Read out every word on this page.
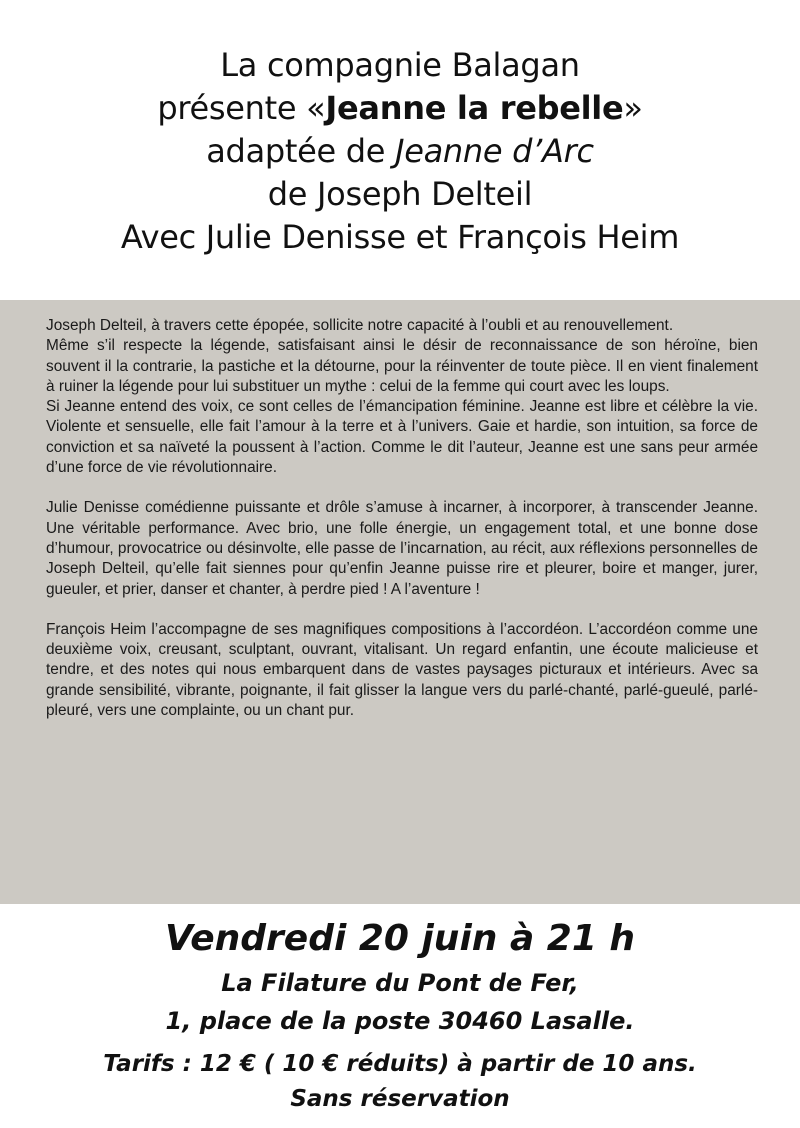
La compagnie Balagan
présente «Jeanne la rebelle»
adaptée de Jeanne d’Arc
de Joseph Delteil
Avec Julie Denisse et François Heim

Joseph Delteil, à travers cette épopée, sollicite notre capacité à l’oubli et au renouvellement.

Même s’il respecte la légende, satisfaisant ainsi le désir de reconnaissance de son héroïne, bien souvent il la contrarie, la pastiche et la détourne, pour la réinventer de toute pièce. Il en vient finalement à ruiner la légende pour lui substituer un mythe : celui de la femme qui court avec les loups.

Si Jeanne entend des voix, ce sont celles de l’émancipation féminine. Jeanne est libre et célèbre la vie. Violente et sensuelle, elle fait l’amour à la terre et à l’univers. Gaie et hardie, son intuition, sa force de conviction et sa naïveté la poussent à l’action. Comme le dit l’auteur, Jeanne est une sans peur armée d’une force de vie révolutionnaire.

Julie Denisse comédienne puissante et drôle s’amuse à incarner, à incorporer, à transcender Jeanne. Une véritable performance. Avec brio, une folle énergie, un engagement total, et une bonne dose d’humour, provocatrice ou désinvolte, elle passe de l’incarnation, au récit, aux réflexions personnelles de Joseph Delteil, qu’elle fait siennes pour qu’enfin Jeanne puisse rire et pleurer, boire et manger, jurer, gueuler, et prier, danser et chanter, à perdre pied ! A l’aventure !

François Heim l’accompagne de ses magnifiques compositions à l’accordéon. L’accordéon comme une deuxième voix, creusant, sculptant, ouvrant, vitalisant. Un regard enfantin, une écoute malicieuse et tendre, et des notes qui nous embarquent dans de vastes paysages picturaux et intérieurs. Avec sa grande sensibilité, vibrante, poignante, il fait glisser la langue vers du parlé-chanté, parlé-gueulé, parlé-pleuré, vers une complainte, ou un chant pur.

Vendredi 20 juin à 21 h
La Filature du Pont de Fer,
1, place de la poste 30460 Lasalle.
Tarifs : 12 € ( 10 € réduits) à partir de 10 ans.
Sans réservation
